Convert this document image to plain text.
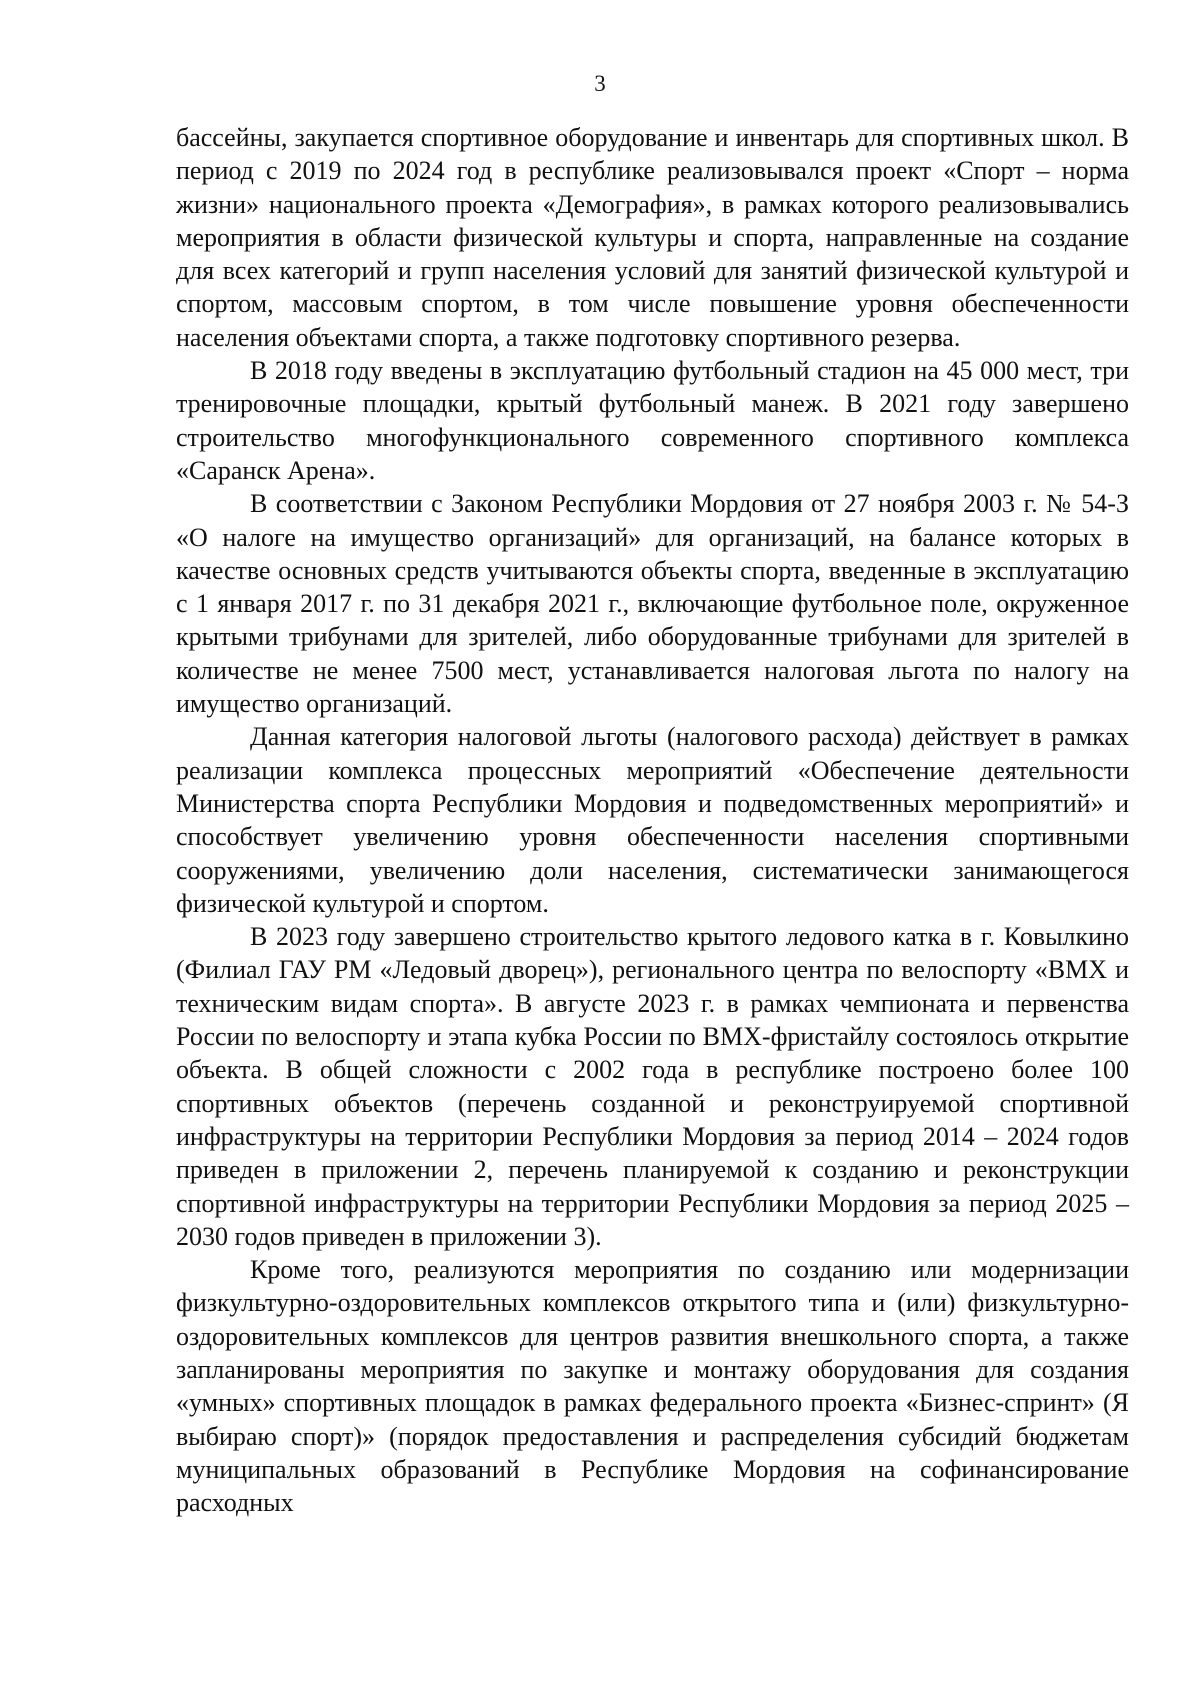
3

бассейны, закупается спортивное оборудование и инвентарь для спортивных школ. В период с 2019 по 2024 год в республике реализовывался проект «Спорт – норма жизни» национального проекта «Демография», в рамках которого реализовывались мероприятия в области физической культуры и спорта, направленные на создание для всех категорий и групп населения условий для занятий физической культурой и спортом, массовым спортом, в том числе повышение уровня обеспеченности населения объектами спорта, а также подготовку спортивного резерва.

В 2018 году введены в эксплуатацию футбольный стадион на 45 000 мест, три тренировочные площадки, крытый футбольный манеж. В 2021 году завершено строительство многофункционального современного спортивного комплекса «Саранск Арена».

В соответствии с Законом Республики Мордовия от 27 ноября 2003 г. № 54-З «О налоге на имущество организаций» для организаций, на балансе которых в качестве основных средств учитываются объекты спорта, введенные в эксплуатацию с 1 января 2017 г. по 31 декабря 2021 г., включающие футбольное поле, окруженное крытыми трибунами для зрителей, либо оборудованные трибунами для зрителей в количестве не менее 7500 мест, устанавливается налоговая льгота по налогу на имущество организаций.

Данная категория налоговой льготы (налогового расхода) действует в рамках реализации комплекса процессных мероприятий «Обеспечение деятельности Министерства спорта Республики Мордовия и подведомственных мероприятий» и способствует увеличению уровня обеспеченности населения спортивными сооружениями, увеличению доли населения, систематически занимающегося физической культурой и спортом.

В 2023 году завершено строительство крытого ледового катка в г. Ковылкино (Филиал ГАУ РМ «Ледовый дворец»), регионального центра по велоспорту «BMX и техническим видам спорта». В августе 2023 г. в рамках чемпионата и первенства России по велоспорту и этапа кубка России по BMX-фристайлу состоялось открытие объекта. В общей сложности с 2002 года в республике построено более 100 спортивных объектов (перечень созданной и реконструируемой спортивной инфраструктуры на территории Республики Мордовия за период 2014 – 2024 годов приведен в приложении 2, перечень планируемой к созданию и реконструкции спортивной инфраструктуры на территории Республики Мордовия за период 2025 – 2030 годов приведен в приложении 3).

Кроме того, реализуются мероприятия по созданию или модернизации физкультурно-оздоровительных комплексов открытого типа и (или) физкультурно-оздоровительных комплексов для центров развития внешкольного спорта, а также запланированы мероприятия по закупке и монтажу оборудования для создания «умных» спортивных площадок в рамках федерального проекта «Бизнес-спринт» (Я выбираю спорт)» (порядок предоставления и распределения субсидий бюджетам муниципальных образований в Республике Мордовия на софинансирование расходных
